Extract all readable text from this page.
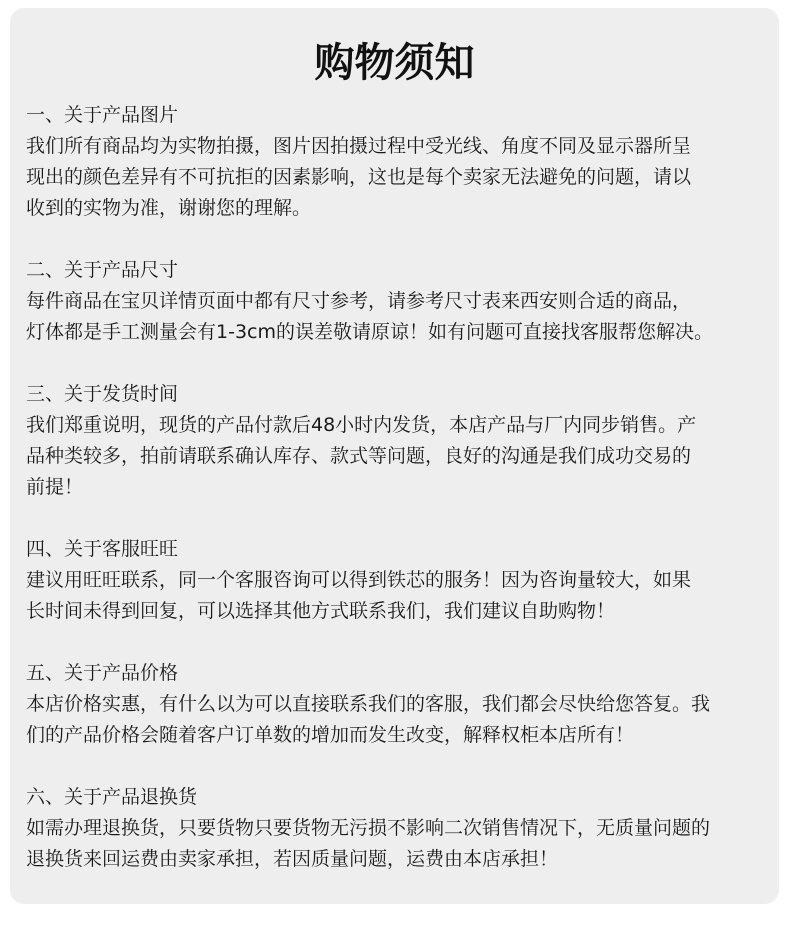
购物须知
一、关于产品图片
我们所有商品均为实物拍摄，图片因拍摄过程中受光线、角度不同及显示器所呈
现出的颜色差异有不可抗拒的因素影响，这也是每个卖家无法避免的问题，请以
收到的实物为准，谢谢您的理解。
二、关于产品尺寸
每件商品在宝贝详情页面中都有尺寸参考，请参考尺寸表来西安则合适的商品，
灯体都是手工测量会有1-3cm的误差敬请原谅！如有问题可直接找客服帮您解决。
三、关于发货时间
我们郑重说明，现货的产品付款后48小时内发货，本店产品与厂内同步销售。产
品种类较多，拍前请联系确认库存、款式等问题，良好的沟通是我们成功交易的
前提！
四、关于客服旺旺
建议用旺旺联系，同一个客服咨询可以得到铁芯的服务！因为咨询量较大，如果
长时间未得到回复，可以选择其他方式联系我们，我们建议自助购物！
五、关于产品价格
本店价格实惠，有什么以为可以直接联系我们的客服，我们都会尽快给您答复。我
们的产品价格会随着客户订单数的增加而发生改变，解释权柜本店所有！
六、关于产品退换货
如需办理退换货，只要货物只要货物无污损不影响二次销售情况下，无质量问题的
退换货来回运费由卖家承担，若因质量问题，运费由本店承担！
